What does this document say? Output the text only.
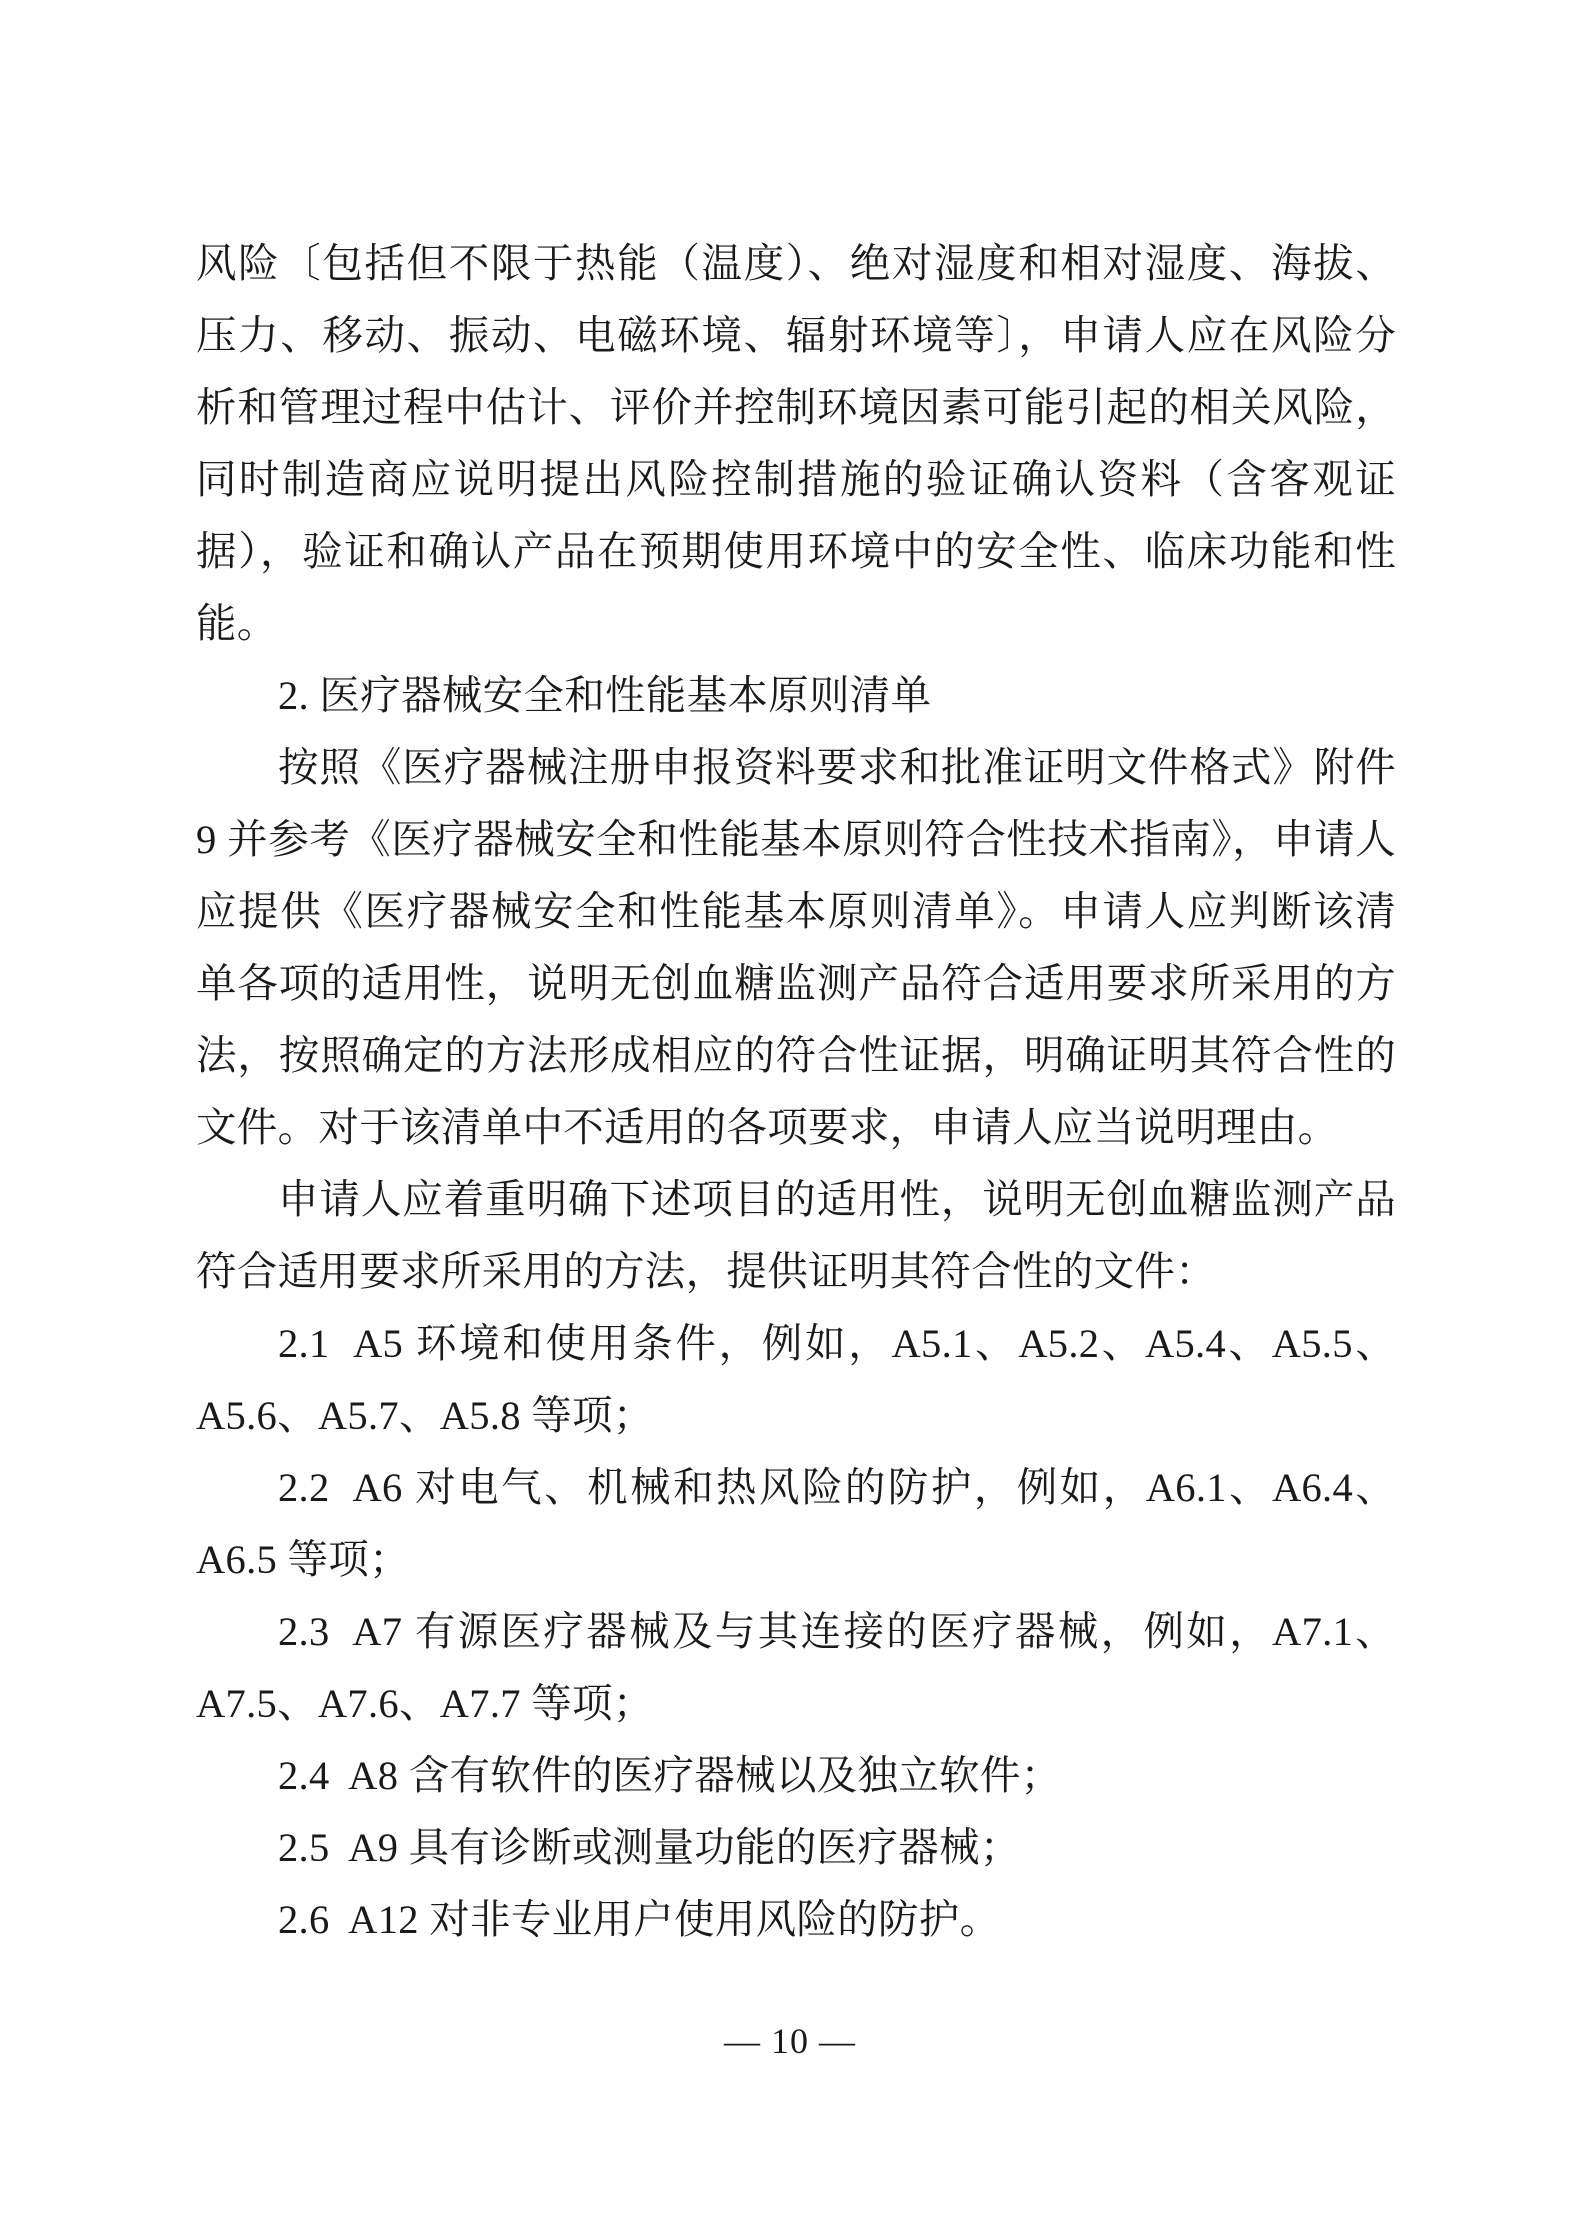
风险〔包括但不限于热能（温度）、绝对湿度和相对湿度、海拔、压力、移动、振动、电磁环境、辐射环境等〕，申请人应在风险分析和管理过程中估计、评价并控制环境因素可能引起的相关风险，同时制造商应说明提出风险控制措施的验证确认资料（含客观证据），验证和确认产品在预期使用环境中的安全性、临床功能和性能。

2. 医疗器械安全和性能基本原则清单

按照《医疗器械注册申报资料要求和批准证明文件格式》附件 9 并参考《医疗器械安全和性能基本原则符合性技术指南》，申请人应提供《医疗器械安全和性能基本原则清单》。申请人应判断该清单各项的适用性，说明无创血糖监测产品符合适用要求所采用的方法，按照确定的方法形成相应的符合性证据，明确证明其符合性的文件。对于该清单中不适用的各项要求，申请人应当说明理由。

申请人应着重明确下述项目的适用性，说明无创血糖监测产品符合适用要求所采用的方法，提供证明其符合性的文件：

2.1  A5 环境和使用条件，例如，A5.1、A5.2、A5.4、A5.5、A5.6、A5.7、A5.8 等项；

2.2  A6 对电气、机械和热风险的防护，例如，A6.1、A6.4、A6.5 等项；

2.3  A7 有源医疗器械及与其连接的医疗器械，例如，A7.1、A7.5、A7.6、A7.7 等项；

2.4  A8 含有软件的医疗器械以及独立软件；

2.5  A9 具有诊断或测量功能的医疗器械；

2.6  A12 对非专业用户使用风险的防护。

— 10 —
